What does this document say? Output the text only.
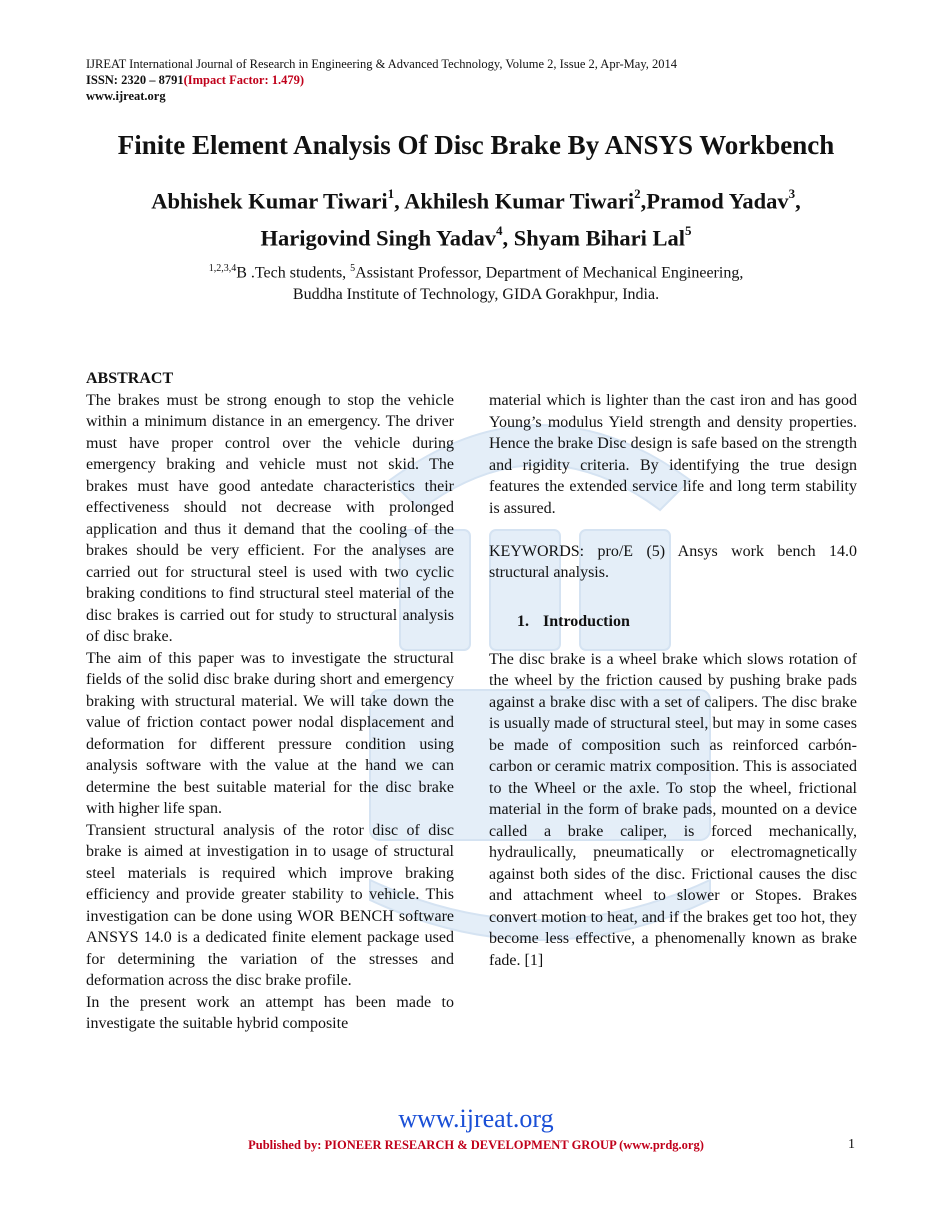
IJREAT International Journal of Research in Engineering & Advanced Technology, Volume 2, Issue 2, Apr-May, 2014
ISSN: 2320 – 8791(Impact Factor: 1.479)
www.ijreat.org
Finite Element Analysis Of Disc Brake By ANSYS Workbench
Abhishek Kumar Tiwari$^1$, Akhilesh Kumar Tiwari$^2$,Pramod Yadav$^3$,
Harigovind Singh Yadav$^4$, Shyam Bihari Lal$^5$
$^{1,2,3,4}$B .Tech students, $^5$Assistant Professor, Department of Mechanical Engineering,
Buddha Institute of Technology, GIDA Gorakhpur, India.

ABSTRACT

The brakes must be strong enough to stop the vehicle within a minimum distance in an emergency. The driver must have proper control over the vehicle during emergency braking and vehicle must not skid. The brakes must have good antedate characteristics their effectiveness should not decrease with prolonged application and thus it demand that the cooling of the brakes should be very efficient. For the analyses are carried out for structural steel is used with two cyclic braking conditions to find structural steel material of the disc brakes is carried out for study to structural analysis of disc brake.

The aim of this paper was to investigate the structural fields of the solid disc brake during short and emergency braking with structural material. We will take down the value of friction contact power nodal displacement and deformation for different pressure condition using analysis software with the value at the hand we can determine the best suitable material for the disc brake with higher life span.

Transient structural analysis of the rotor disc of disc brake is aimed at investigation in to usage of structural steel materials is required which improve braking efficiency and provide greater stability to vehicle. This investigation can be done using WOR BENCH software ANSYS 14.0 is a dedicated finite element package used for determining the variation of the stresses and deformation across the disc brake profile.

In the present work an attempt has been made to investigate the suitable hybrid composite

material which is lighter than the cast iron and has good Young’s modulus Yield strength and density properties. Hence the brake Disc design is safe based on the strength and rigidity criteria. By identifying the true design features the extended service life and long term stability is assured.

KEYWORDS: pro/E (5) Ansys work bench 14.0 structural analysis.

1. Introduction

The disc brake is a wheel brake which slows rotation of the wheel by the friction caused by pushing brake pads against a brake disc with a set of calipers. The disc brake is usually made of structural steel, but may in some cases be made of composition such as reinforced carbón-carbon or ceramic matrix composition. This is associated to the Wheel or the axle. To stop the wheel, frictional material in the form of brake pads, mounted on a device called a brake caliper, is forced mechanically, hydraulically, pneumatically or electromagnetically against both sides of the disc. Frictional causes the disc and attachment wheel to slower or Stopes. Brakes convert motion to heat, and if the brakes get too hot, they become less effective, a phenomenally known as brake fade. [1]

www.ijreat.org
Published by: PIONEER RESEARCH & DEVELOPMENT GROUP (www.prdg.org)	1
